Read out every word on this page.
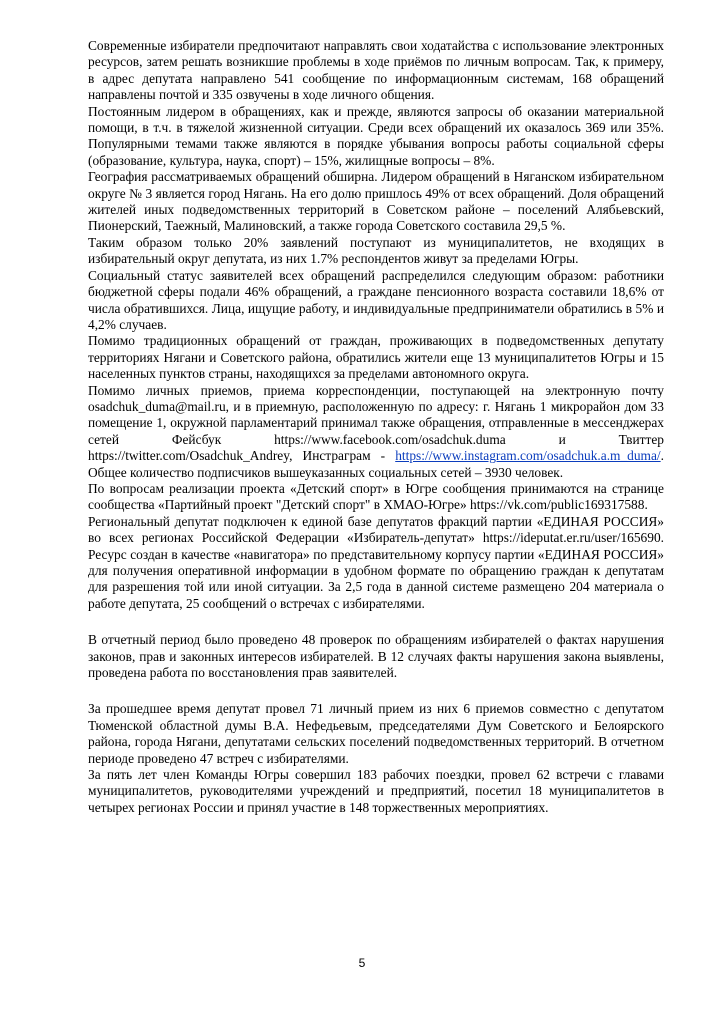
Современные избиратели предпочитают направлять свои ходатайства с использование электронных ресурсов, затем решать возникшие проблемы в ходе приёмов по личным вопросам. Так, к примеру, в адрес депутата направлено 541 сообщение по информационным системам, 168 обращений направлены почтой и 335 озвучены в ходе личного общения.

Постоянным лидером в обращениях, как и прежде, являются запросы об оказании материальной помощи, в т.ч. в тяжелой жизненной ситуации. Среди всех обращений их оказалось 369 или 35%. Популярными темами также являются в порядке убывания вопросы работы социальной сферы (образование, культура, наука, спорт) – 15%, жилищные вопросы – 8%.

География рассматриваемых обращений обширна. Лидером обращений в Няганском избирательном округе № 3 является город Нягань. На его долю пришлось 49% от всех обращений. Доля обращений жителей иных подведомственных территорий в Советском районе – поселений Алябьевский, Пионерский, Таежный, Малиновский, а также города Советского составила 29,5 %.

Таким образом только 20% заявлений поступают из муниципалитетов, не входящих в избирательный округ депутата, из них 1.7% респондентов живут за пределами Югры.

Социальный статус заявителей всех обращений распределился следующим образом: работники бюджетной сферы подали 46% обращений, а граждане пенсионного возраста составили 18,6% от числа обратившихся. Лица, ищущие работу, и индивидуальные предприниматели обратились в 5% и 4,2% случаев.

Помимо традиционных обращений от граждан, проживающих в подведомственных депутату территориях Нягани и Советского района, обратились жители еще 13 муниципалитетов Югры и 15 населенных пунктов страны, находящихся за пределами автономного округа.

Помимо личных приемов, приема корреспонденции, поступающей на электронную почту osadchuk_duma@mail.ru, и в приемную, расположенную по адресу: г. Нягань 1 микрорайон дом 33 помещение 1, окружной парламентарий принимал также обращения, отправленные в мессенджерах сетей Фейсбук https://www.facebook.com/osadchuk.duma и Твиттер https://twitter.com/Osadchuk_Andrey, Инстраграм - https://www.instagram.com/osadchuk.a.m_duma/. Общее количество подписчиков вышеуказанных социальных сетей – 3930 человек.

По вопросам реализации проекта «Детский спорт» в Югре сообщения принимаются на странице сообщества «Партийный проект "Детский спорт" в ХМАО-Югре» https://vk.com/public169317588.

Региональный депутат подключен к единой базе депутатов фракций партии «ЕДИНАЯ РОССИЯ» во всех регионах Российской Федерации «Избиратель-депутат» https://ideputat.er.ru/user/165690. Ресурс создан в качестве «навигатора» по представительному корпусу партии «ЕДИНАЯ РОССИЯ» для получения оперативной информации в удобном формате по обращению граждан к депутатам для разрешения той или иной ситуации. За 2,5 года в данной системе размещено 204 материала о работе депутата, 25 сообщений о встречах с избирателями.

В отчетный период было проведено 48 проверок по обращениям избирателей о фактах нарушения законов, прав и законных интересов избирателей. В 12 случаях факты нарушения закона выявлены, проведена работа по восстановления прав заявителей.

За прошедшее время депутат провел 71 личный прием из них 6 приемов совместно с депутатом Тюменской областной думы В.А. Нефедьевым, председателями Дум Советского и Белоярского района, города Нягани, депутатами сельских поселений подведомственных территорий. В отчетном периоде проведено 47 встреч с избирателями.

За пять лет член Команды Югры совершил 183 рабочих поездки, провел 62 встречи с главами муниципалитетов, руководителями учреждений и предприятий, посетил 18 муниципалитетов в четырех регионах России и принял участие в 148 торжественных мероприятиях.

5
